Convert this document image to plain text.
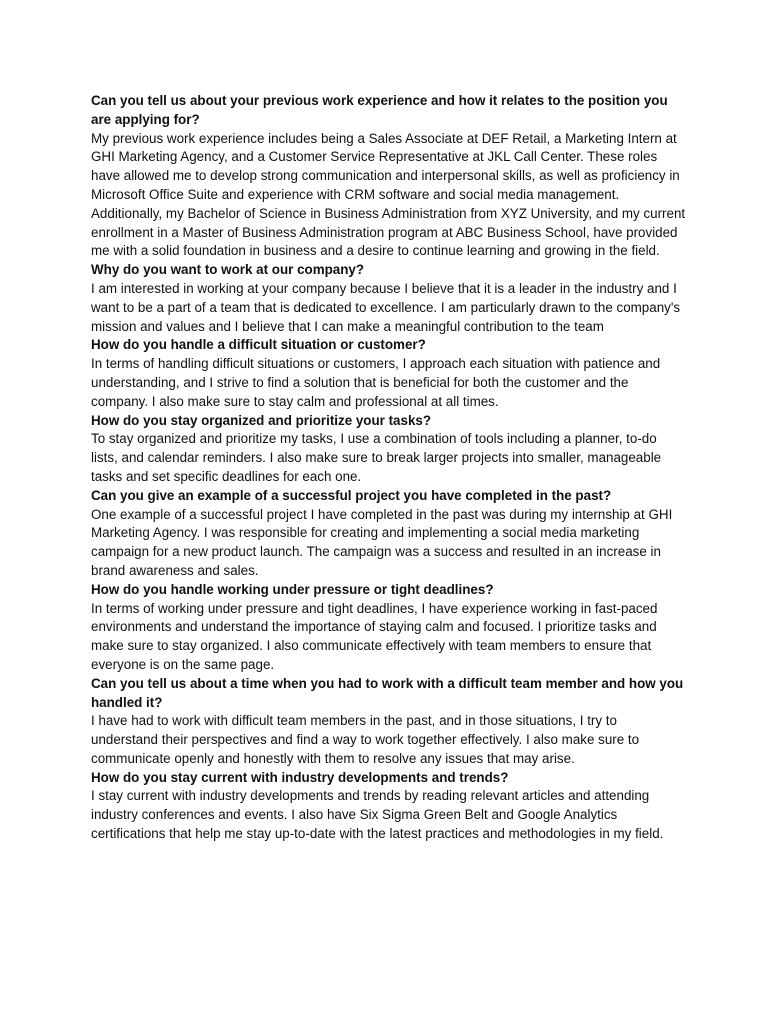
Can you tell us about your previous work experience and how it relates to the position you are applying for?

My previous work experience includes being a Sales Associate at DEF Retail, a Marketing Intern at GHI Marketing Agency, and a Customer Service Representative at JKL Call Center. These roles have allowed me to develop strong communication and interpersonal skills, as well as proficiency in Microsoft Office Suite and experience with CRM software and social media management. Additionally, my Bachelor of Science in Business Administration from XYZ University, and my current enrollment in a Master of Business Administration program at ABC Business School, have provided me with a solid foundation in business and a desire to continue learning and growing in the field.

Why do you want to work at our company?

I am interested in working at your company because I believe that it is a leader in the industry and I want to be a part of a team that is dedicated to excellence. I am particularly drawn to the company's mission and values and I believe that I can make a meaningful contribution to the team

How do you handle a difficult situation or customer?

In terms of handling difficult situations or customers, I approach each situation with patience and understanding, and I strive to find a solution that is beneficial for both the customer and the company. I also make sure to stay calm and professional at all times.

How do you stay organized and prioritize your tasks?

To stay organized and prioritize my tasks, I use a combination of tools including a planner, to-do lists, and calendar reminders. I also make sure to break larger projects into smaller, manageable tasks and set specific deadlines for each one.

Can you give an example of a successful project you have completed in the past?

One example of a successful project I have completed in the past was during my internship at GHI Marketing Agency. I was responsible for creating and implementing a social media marketing campaign for a new product launch. The campaign was a success and resulted in an increase in brand awareness and sales.

How do you handle working under pressure or tight deadlines?

In terms of working under pressure and tight deadlines, I have experience working in fast-paced environments and understand the importance of staying calm and focused. I prioritize tasks and make sure to stay organized. I also communicate effectively with team members to ensure that everyone is on the same page.

Can you tell us about a time when you had to work with a difficult team member and how you handled it?

I have had to work with difficult team members in the past, and in those situations, I try to understand their perspectives and find a way to work together effectively. I also make sure to communicate openly and honestly with them to resolve any issues that may arise.

How do you stay current with industry developments and trends?

I stay current with industry developments and trends by reading relevant articles and attending industry conferences and events. I also have Six Sigma Green Belt and Google Analytics certifications that help me stay up-to-date with the latest practices and methodologies in my field.
